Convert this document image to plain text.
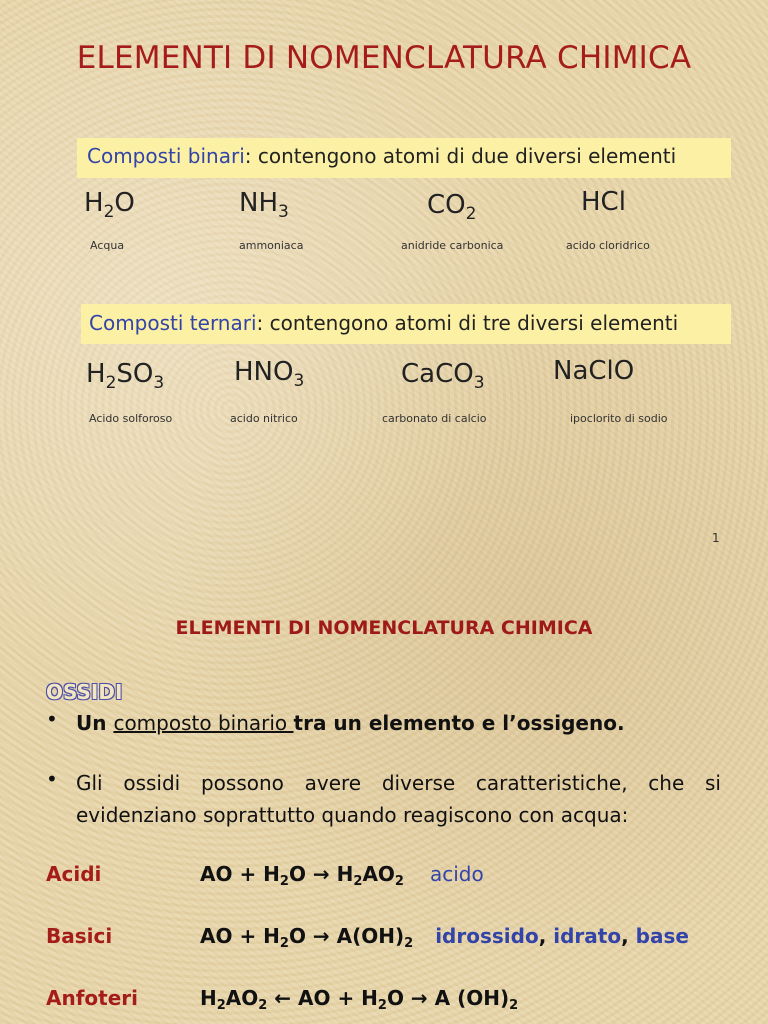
ELEMENTI DI NOMENCLATURA CHIMICA
Composti binari: contengono atomi di due diversi elementi
$H_2O$	$NH_3$	$CO_2$	HCl
Acqua	ammoniaca	anidride carbonica	acido cloridrico
Composti ternari: contengono atomi di tre diversi elementi
$H_2SO_3$	$HNO_3$	CaCO$_3$	NaClO
Acido solforoso	acido nitrico	carbonato di calcio	ipoclorito di sodio
1
ELEMENTI DI NOMENCLATURA CHIMICA
OSSIDI
• Un composto binario tra un elemento e l’ossigeno.
• Gli ossidi possono avere diverse caratteristiche, che si evidenziano soprattutto quando reagiscono con acqua:
Acidi	AO + $H_2O \to H_2AO_2$ acido
Basici	AO + $H_2O \to A(OH)_2$ idrossido, idrato, base
Anfoteri	$H_2AO_2$ ← AO + $H_2O \to A$ $(OH)_2$
